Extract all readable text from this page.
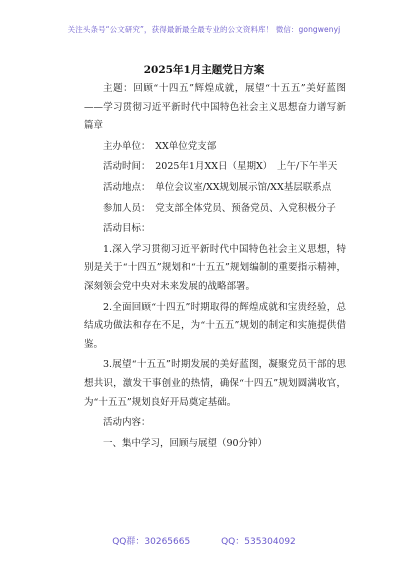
关注头条号“公文研究”，获得最新最全最专业的公文资料库！ 微信：gongwenyj
2025年1月主题党日方案

主题：回顾“十四五”辉煌成就，展望“十五五”美好蓝图——学习贯彻习近平新时代中国特色社会主义思想奋力谱写新篇章

主办单位：　XX单位党支部

活动时间：　2025年1月XX日（星期X）　上午/下午半天

活动地点：　单位会议室/XX规划展示馆/XX基层联系点

参加人员：　党支部全体党员、预备党员、入党积极分子

活动目标：

1.深入学习贯彻习近平新时代中国特色社会主义思想，特别是关于“十四五”规划和“十五五”规划编制的重要指示精神，深刻领会党中央对未来发展的战略部署。

2.全面回顾“十四五”时期取得的辉煌成就和宝贵经验，总结成功做法和存在不足，为“十五五”规划的制定和实施提供借鉴。

3.展望“十五五”时期发展的美好蓝图，凝聚党员干部的思想共识，激发干事创业的热情，确保“十四五”规划圆满收官，为“十五五”规划良好开局奠定基础。

活动内容：

一、集中学习，回顾与展望（90分钟）

QQ群：30265665	QQ：535304092
